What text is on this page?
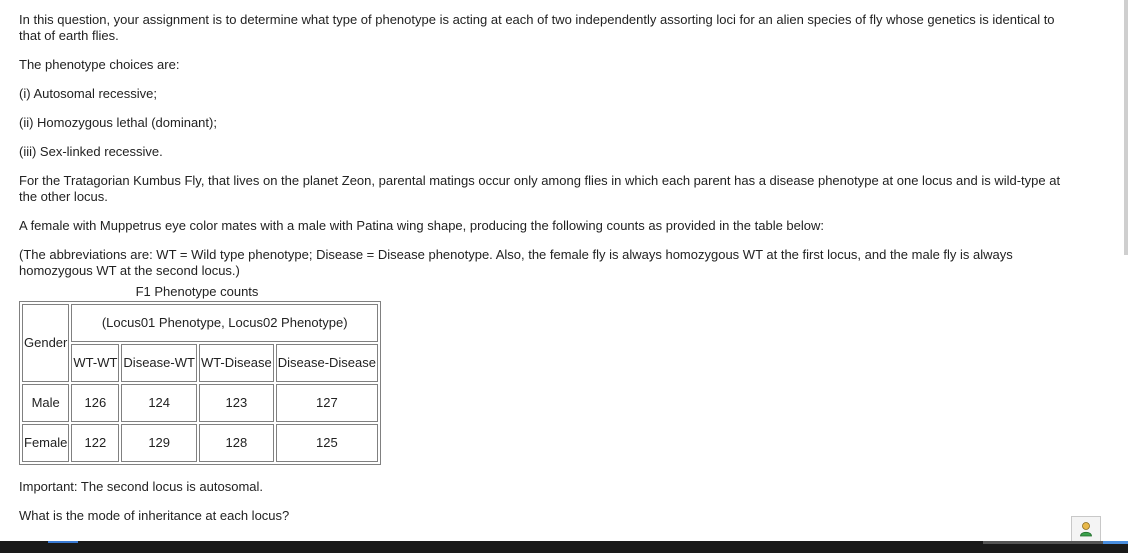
In this question, your assignment is to determine what type of phenotype is acting at each of two independently assorting loci for an alien species of fly whose genetics is identical to that of earth flies.

The phenotype choices are:

(i) Autosomal recessive;

(ii) Homozygous lethal (dominant);

(iii) Sex-linked recessive.

For the Tratagorian Kumbus Fly, that lives on the planet Zeon, parental matings occur only among flies in which each parent has a disease phenotype at one locus and is wild-type at the other locus.

A female with Muppetrus eye color mates with a male with Patina wing shape, producing the following counts as provided in the table below:

(The abbreviations are: WT = Wild type phenotype; Disease = Disease phenotype. Also, the female fly is always homozygous WT at the first locus, and the male fly is always homozygous WT at the second locus.)

F1 Phenotype counts
Gender	(Locus01 Phenotype, Locus02 Phenotype)			
	WT-WT	Disease-WT	WT-Disease	Disease-Disease
Male	126	124	123	127
Female	122	129	128	125

Important: The second locus is autosomal.

What is the mode of inheritance at each locus?
